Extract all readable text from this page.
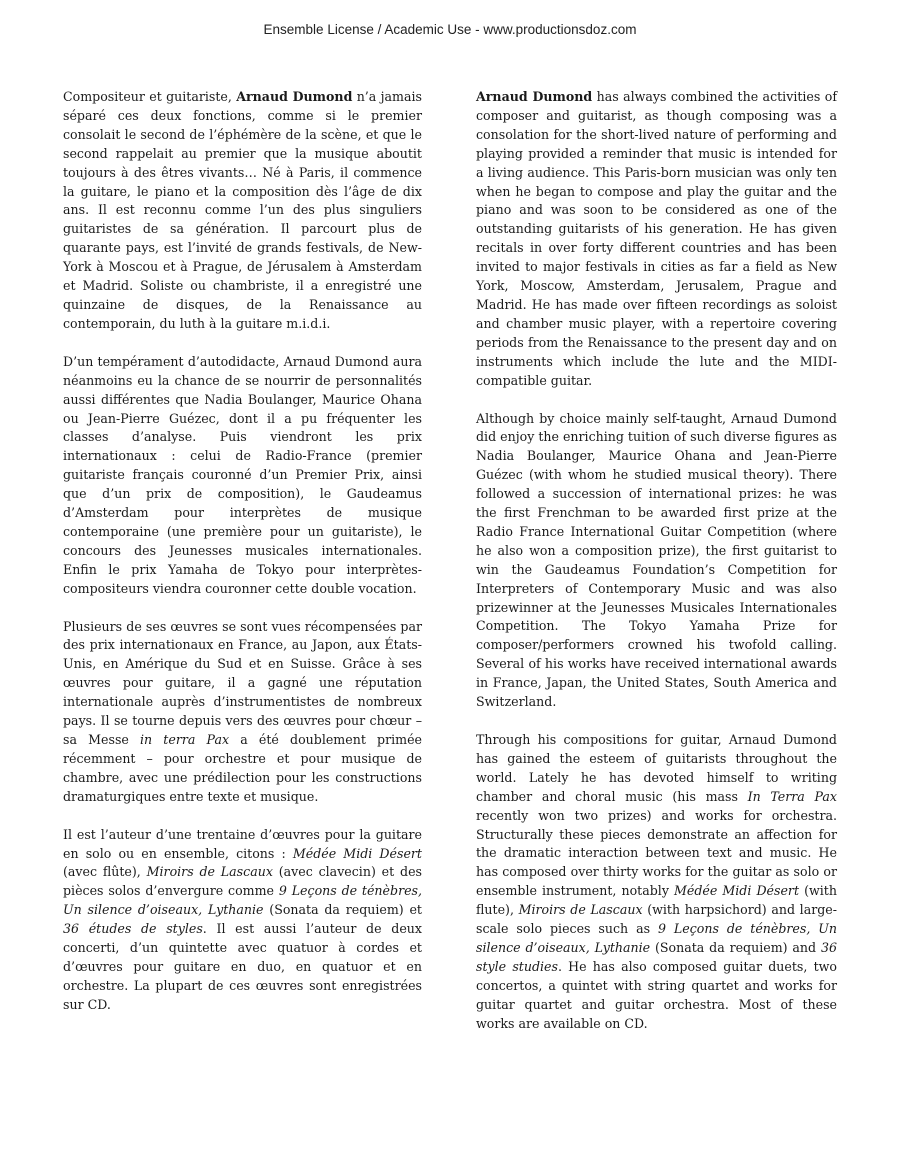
Ensemble License / Academic Use - www.productionsdoz.com

Compositeur et guitariste, Arnaud Dumond n’a jamais séparé ces deux fonctions, comme si le premier consolait le second de l’éphémère de la scène, et que le second rappelait au premier que la musique aboutit toujours à des êtres vivants… Né à Paris, il commence la guitare, le piano et la composition dès l’âge de dix ans. Il est reconnu comme l’un des plus singuliers guitaristes de sa génération. Il parcourt plus de quarante pays, est l’invité de grands festivals, de New-York à Moscou et à Prague, de Jérusalem à Amsterdam et Madrid. Soliste ou chambriste, il a enregistré une quinzaine de disques, de la Renaissance au contemporain, du luth à la guitare m.i.d.i.

D’un tempérament d’autodidacte, Arnaud Dumond aura néanmoins eu la chance de se nourrir de personnalités aussi différentes que Nadia Boulanger, Maurice Ohana ou Jean-Pierre Guézec, dont il a pu fréquenter les classes d’analyse. Puis viendront les prix internationaux : celui de Radio-France (premier guitariste français couronné d’un Premier Prix, ainsi que d’un prix de composition), le Gaudeamus d’Amsterdam pour interprètes de musique contemporaine (une première pour un guitariste), le concours des Jeunesses musicales internationales. Enfin le prix Yamaha de Tokyo pour interprètes-compositeurs viendra couronner cette double vocation.

Plusieurs de ses œuvres se sont vues récompensées par des prix internationaux en France, au Japon, aux États-Unis, en Amérique du Sud et en Suisse. Grâce à ses œuvres pour guitare, il a gagné une réputation internationale auprès d’instrumentistes de nombreux pays. Il se tourne depuis vers des œuvres pour chœur – sa Messe in terra Pax a été doublement primée récemment – pour orchestre et pour musique de chambre, avec une prédilection pour les constructions dramaturgiques entre texte et musique.

Il est l’auteur d’une trentaine d’œuvres pour la guitare en solo ou en ensemble, citons : Médée Midi Désert (avec flûte), Miroirs de Lascaux (avec clavecin) et des pièces solos d’envergure comme 9 Leçons de ténèbres, Un silence d’oiseaux, Lythanie (Sonata da requiem) et 36 études de styles. Il est aussi l’auteur de deux concerti, d’un quintette avec quatuor à cordes et d’œuvres pour guitare en duo, en quatuor et en orchestre. La plupart de ces œuvres sont enregistrées sur CD.

Arnaud Dumond has always combined the activities of composer and guitarist, as though composing was a consolation for the short-lived nature of performing and playing provided a reminder that music is intended for a living audience. This Paris-born musician was only ten when he began to compose and play the guitar and the piano and was soon to be considered as one of the outstanding guitarists of his generation. He has given recitals in over forty different countries and has been invited to major festivals in cities as far a field as New York, Moscow, Amsterdam, Jerusalem, Prague and Madrid. He has made over fifteen recordings as soloist and chamber music player, with a repertoire covering periods from the Renaissance to the present day and on instruments which include the lute and the MIDI-compatible guitar.

Although by choice mainly self-taught, Arnaud Dumond did enjoy the enriching tuition of such diverse figures as Nadia Boulanger, Maurice Ohana and Jean-Pierre Guézec (with whom he studied musical theory). There followed a succession of international prizes: he was the first Frenchman to be awarded first prize at the Radio France International Guitar Competition (where he also won a composition prize), the first guitarist to win the Gaudeamus Foundation’s Competition for Interpreters of Contemporary Music and was also prizewinner at the Jeunesses Musicales Internationales Competition. The Tokyo Yamaha Prize for composer/performers crowned his twofold calling. Several of his works have received international awards in France, Japan, the United States, South America and Switzerland.

Through his compositions for guitar, Arnaud Dumond has gained the esteem of guitarists throughout the world. Lately he has devoted himself to writing chamber and choral music (his mass In Terra Pax recently won two prizes) and works for orchestra. Structurally these pieces demonstrate an affection for the dramatic interaction between text and music. He has composed over thirty works for the guitar as solo or ensemble instrument, notably Médée Midi Désert (with flute), Miroirs de Lascaux (with harpsichord) and large-scale solo pieces such as 9 Leçons de ténèbres, Un silence d’oiseaux, Lythanie (Sonata da requiem) and 36 style studies. He has also composed guitar duets, two concertos, a quintet with string quartet and works for guitar quartet and guitar orchestra. Most of these works are available on CD.
